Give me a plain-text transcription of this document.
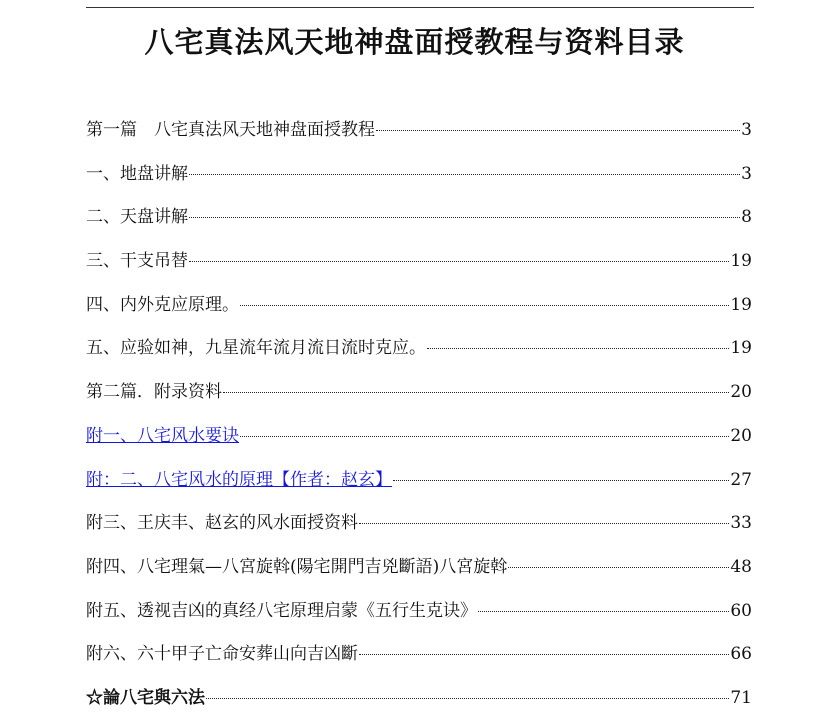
八宅真法风天地神盘面授教程与资料目录
第一篇　八宅真法风天地神盘面授教程	3
一、地盘讲解	3
二、天盘讲解	8
三、干支吊替	19
四、内外克应原理。	19
五、应验如神，九星流年流月流日流时克应。	19
第二篇．附录资料	20
附一、八宅风水要诀	20
附：二、八宅风水的原理【作者：赵玄】	27
附三、王庆丰、赵玄的风水面授资料	33
附四、八宅理氣—八宮旋斡(陽宅開門吉兇斷語)八宮旋斡	48
附五、透视吉凶的真经八宅原理启蒙《五行生克诀》	60
附六、六十甲子亡命安葬山向吉凶斷	66
☆論八宅與六法	71
